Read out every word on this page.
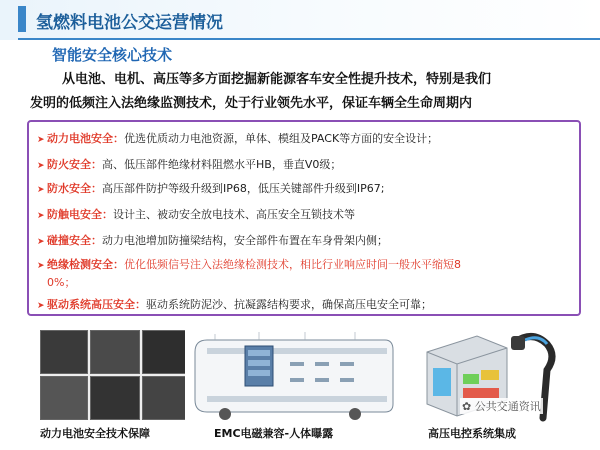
氢燃料电池公交运营情况
智能安全核心技术
从电池、电机、高压等多方面挖掘新能源客车安全性提升技术，特别是我们
发明的低频注入法绝缘监测技术，处于行业领先水平，保证车辆全生命周期内
➤ 动力电池安全：优选优质动力电池资源，单体、模组及PACK等方面的安全设计；
➤ 防火安全：高、低压部件绝缘材料阻燃水平HB，垂直V0级；
➤ 防水安全：高压部件防护等级升级到IP68，低压关键部件升级到IP67;
➤ 防触电安全：设计主、被动安全放电技术、高压安全互锁技术等
➤ 碰撞安全：动力电池增加防撞梁结构，安全部件布置在车身骨架内侧；
➤ 绝缘检测安全：优化低频信号注入法绝缘检测技术，相比行业响应时间一般水平缩短8
0%；
➤ 驱动系统高压安全：驱动系统防泥沙、抗凝露结构要求，确保高压电安全可靠；
动力电池安全技术保障	EMC电磁兼容-人体曝露	高压电控系统集成
✿ 公共交通资讯
